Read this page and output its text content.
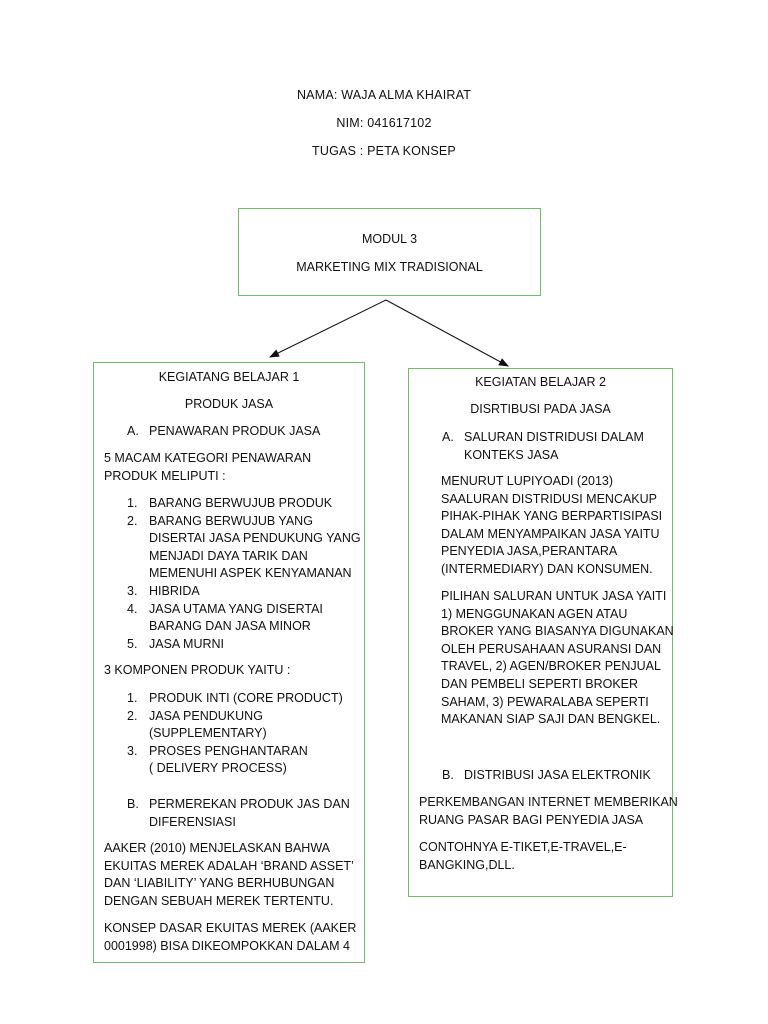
NAMA: WAJA ALMA KHAIRAT
NIM: 041617102
TUGAS : PETA KONSEP
MODUL 3
MARKETING MIX TRADISIONAL
KEGIATANG BELAJAR 1
PRODUK JASA
A. PENAWARAN PRODUK JASA
5 MACAM KATEGORI PENAWARAN
PRODUK MELIPUTI :
1. BARANG BERWUJUB PRODUK
2. BARANG BERWUJUB YANG
DISERTAI JASA PENDUKUNG YANG
MENJADI DAYA TARIK DAN
MEMENUHI ASPEK KENYAMANAN
3. HIBRIDA
4. JASA UTAMA YANG DISERTAI
BARANG DAN JASA MINOR
5. JASA MURNI
3 KOMPONEN PRODUK YAITU :
1. PRODUK INTI (CORE PRODUCT)
2. JASA PENDUKUNG
(SUPPLEMENTARY)
3. PROSES PENGHANTARAN
( DELIVERY PROCESS)
B. PERMEREKAN PRODUK JAS DAN
DIFERENSIASI
AAKER (2010) MENJELASKAN BAHWA
EKUITAS MEREK ADALAH ‘BRAND ASSET’
DAN ‘LIABILITY’ YANG BERHUBUNGAN
DENGAN SEBUAH MEREK TERTENTU.
KONSEP DASAR EKUITAS MEREK (AAKER
0001998) BISA DIKEOMPOKKAN DALAM 4
KEGIATAN BELAJAR 2
DISRTIBUSI PADA JASA
A. SALURAN DISTRIDUSI DALAM
KONTEKS JASA
MENURUT LUPIYOADI (2013)
SAALURAN DISTRIDUSI MENCAKUP
PIHAK-PIHAK YANG BERPARTISIPASI
DALAM MENYAMPAIKAN JASA YAITU
PENYEDIA JASA,PERANTARA
(INTERMEDIARY) DAN KONSUMEN.
PILIHAN SALURAN UNTUK JASA YAITI
1) MENGGUNAKAN AGEN ATAU
BROKER YANG BIASANYA DIGUNAKAN
OLEH PERUSAHAAN ASURANSI DAN
TRAVEL, 2) AGEN/BROKER PENJUAL
DAN PEMBELI SEPERTI BROKER
SAHAM, 3) PEWARALABA SEPERTI
MAKANAN SIAP SAJI DAN BENGKEL.
B. DISTRIBUSI JASA ELEKTRONIK
PERKEMBANGAN INTERNET MEMBERIKAN
RUANG PASAR BAGI PENYEDIA JASA
CONTOHNYA E-TIKET,E-TRAVEL,E-
BANGKING,DLL.
